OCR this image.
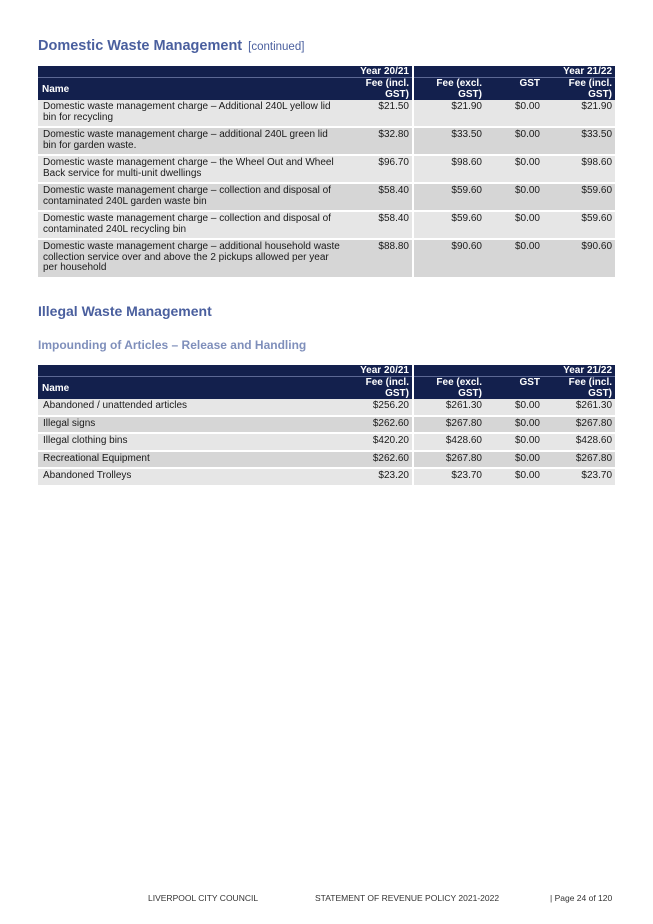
Domestic Waste Management [continued]
	Year 20/21	Year 21/22		
Name	Fee (incl. GST)	Fee (excl. GST)	GST	Fee (incl. GST)
Domestic waste management charge – Additional 240L yellow lid bin for recycling	$21.50	$21.90	$0.00	$21.90
Domestic waste management charge – additional 240L green lid bin for garden waste.	$32.80	$33.50	$0.00	$33.50
Domestic waste management charge – the Wheel Out and Wheel Back service for multi-unit dwellings	$96.70	$98.60	$0.00	$98.60
Domestic waste management charge – collection and disposal of contaminated 240L garden waste bin	$58.40	$59.60	$0.00	$59.60
Domestic waste management charge – collection and disposal of contaminated 240L recycling bin	$58.40	$59.60	$0.00	$59.60
Domestic waste management charge – additional household waste collection service over and above the 2 pickups allowed per year per household	$88.80	$90.60	$0.00	$90.60
Illegal Waste Management
Impounding of Articles – Release and Handling
	Year 20/21	Year 21/22		
Name	Fee (incl. GST)	Fee (excl. GST)	GST	Fee (incl. GST)
Abandoned / unattended articles	$256.20	$261.30	$0.00	$261.30
Illegal signs	$262.60	$267.80	$0.00	$267.80
Illegal clothing bins	$420.20	$428.60	$0.00	$428.60
Recreational Equipment	$262.60	$267.80	$0.00	$267.80
Abandoned Trolleys	$23.20	$23.70	$0.00	$23.70
LIVERPOOL CITY COUNCIL	STATEMENT OF REVENUE POLICY 2021-2022	| Page 24 of 120
